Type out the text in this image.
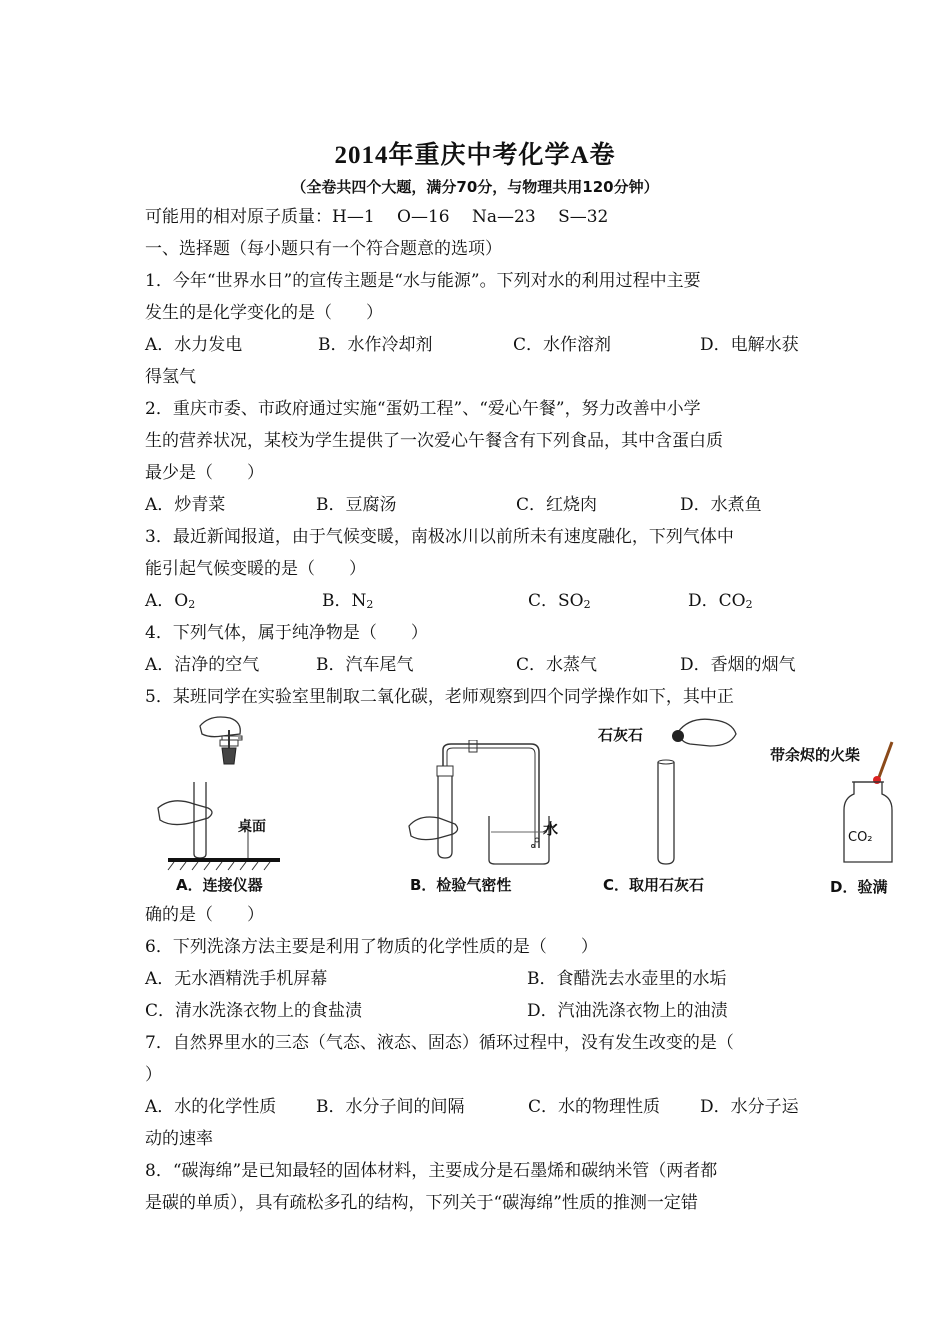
2014年重庆中考化学A卷
（全卷共四个大题，满分70分，与物理共用120分钟）
可能用的相对原子质量：H—1　 O—16　 Na—23　 S—32
一、选择题（每小题只有一个符合题意的选项）
1．今年“世界水日”的宣传主题是“水与能源”。下列对水的利用过程中主要
发生的是化学变化的是（　　）
A．水力发电	B．水作冷却剂	C．水作溶剂	D．电解水获
得氢气
2．重庆市委、市政府通过实施“蛋奶工程”、“爱心午餐”，努力改善中小学
生的营养状况，某校为学生提供了一次爱心午餐含有下列食品，其中含蛋白质
最少是（　　）
A．炒青菜	B．豆腐汤	C．红烧肉	D．水煮鱼
3．最近新闻报道，由于气候变暖，南极冰川以前所未有速度融化，下列气体中
能引起气候变暖的是（　　）
A．$O_2$	B．$N_2$	C．$SO_2$	D．$CO_2$
4．下列气体，属于纯净物是（　　）
A．洁净的空气	B．汽车尾气	C．水蒸气	D．香烟的烟气
5．某班同学在实验室里制取二氧化碳，老师观察到四个同学操作如下，其中正
桌面
A．连接仪器
水
B．检验气密性
石灰石
C．取用石灰石
CO₂
带余烬的火柴
D．验满
确的是（　　）
6．下列洗涤方法主要是利用了物质的化学性质的是（　　）
A．无水酒精洗手机屏幕	B．食醋洗去水壶里的水垢
C．清水洗涤衣物上的食盐渍	D．汽油洗涤衣物上的油渍
7．自然界里水的三态（气态、液态、固态）循环过程中，没有发生改变的是（
）
A．水的化学性质 B．水分子间的间隔	C．水的物理性质 D．水分子运
动的速率
8．“碳海绵”是已知最轻的固体材料，主要成分是石墨烯和碳纳米管（两者都
是碳的单质），具有疏松多孔的结构，下列关于“碳海绵”性质的推测一定错
